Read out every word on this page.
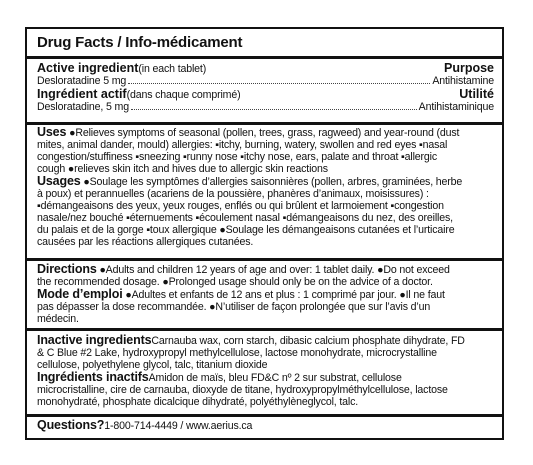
Drug Facts / Info-médicament
Active ingredient (in each tablet)	Purpose
Desloratadine 5 mg	Antihistamine
Ingrédient actif (dans chaque comprimé)	Utilité
Desloratadine, 5 mg	Antihistaminique
Uses
●Relieves symptoms of seasonal (pollen, trees, grass, ragweed) and year-round (dust
mites, animal dander, mould) allergies: ▪itchy, burning, watery, swollen and red eyes ▪nasal
congestion/stuffiness ▪sneezing ▪runny nose ▪itchy nose, ears, palate and throat ▪allergic
cough ●relieves skin itch and hives due to allergic skin reactions
Usages
●Soulage les symptômes d’allergies saisonnières (pollen, arbres, graminées, herbe
à poux) et perannuelles (acariens de la poussière, phanères d’animaux, moisissures) :
▪démangeaisons des yeux, yeux rouges, enflés ou qui brûlent et larmoiement ▪congestion
nasale/nez bouché ▪éternuements ▪écoulement nasal ▪démangeaisons du nez, des oreilles,
du palais et de la gorge ▪toux allergique ●Soulage les démangeaisons cutanées et l’urticaire
causées par les réactions allergiques cutanées.
Directions
●Adults and children 12 years of age and over: 1 tablet daily. ●Do not exceed
the recommended dosage. ●Prolonged usage should only be on the advice of a doctor.
Mode d’emploi
●Adultes et enfants de 12 ans et plus : 1 comprimé par jour. ●Il ne faut
pas dépasser la dose recommandée. ●N’utiliser de façon prolongée que sur l’avis d’un
médecin.
Inactive ingredients Carnauba wax, corn starch, dibasic calcium phosphate dihydrate, FD
& C Blue #2 Lake, hydroxypropyl methylcellulose, lactose monohydrate, microcrystalline
cellulose, polyethylene glycol, talc, titanium dioxide
Ingrédients inactifs Amidon de maïs, bleu FD&C nº 2 sur substrat, cellulose
microcristalline, cire de carnauba, dioxyde de titane, hydroxypropylméthylcellulose, lactose
monohydraté, phosphate dicalcique dihydraté, polyéthylèneglycol, talc.
Questions? 1-800-714-4449 / www.aerius.ca
